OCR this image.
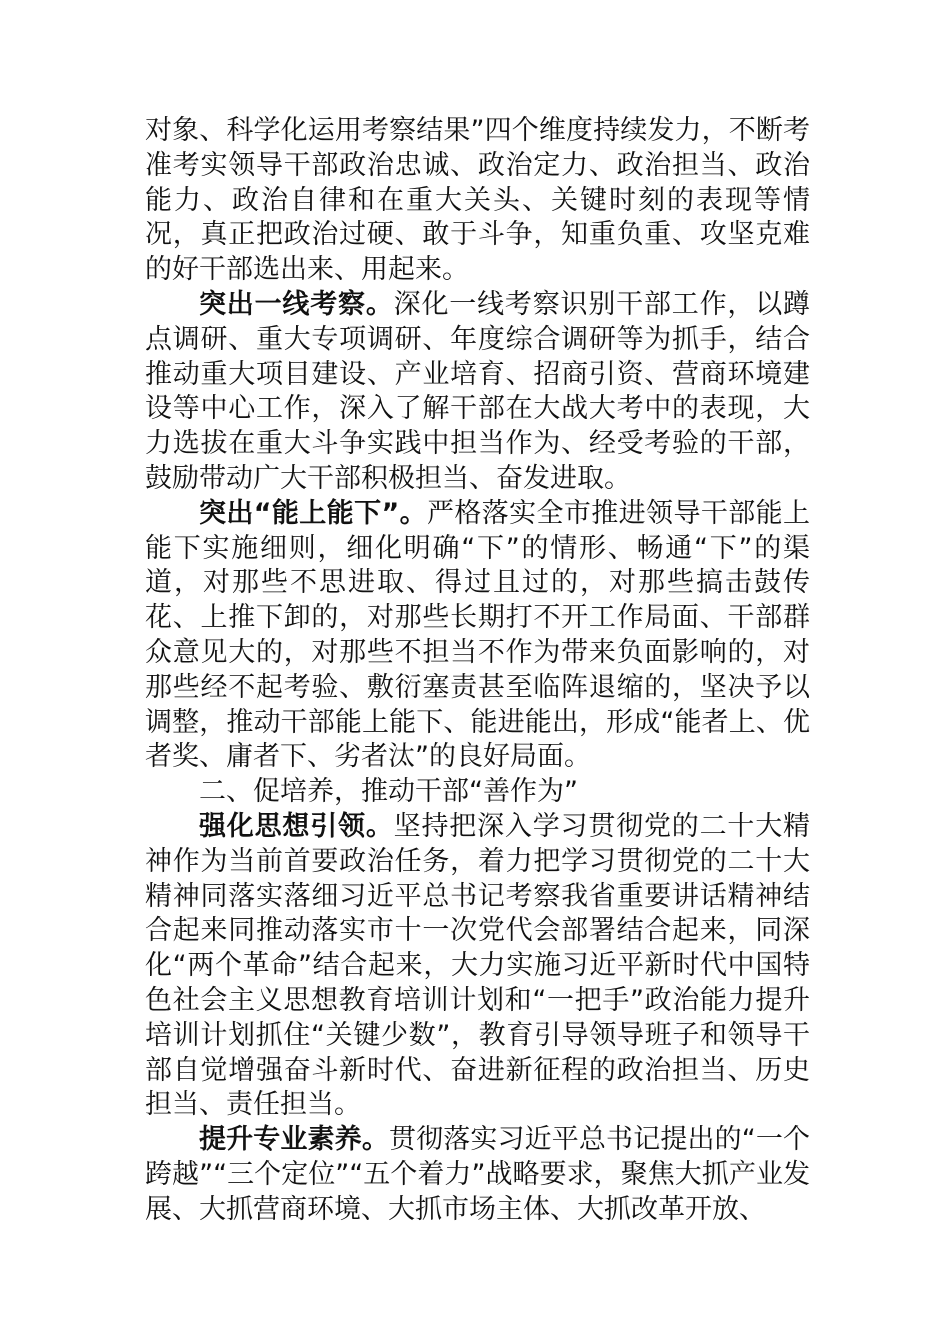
对象、科学化运用考察结果”四个维度持续发力，不断考准考实领导干部政治忠诚、政治定力、政治担当、政治能力、政治自律和在重大关头、关键时刻的表现等情况，真正把政治过硬、敢于斗争，知重负重、攻坚克难的好干部选出来、用起来。

突出一线考察。深化一线考察识别干部工作，以蹲点调研、重大专项调研、年度综合调研等为抓手，结合推动重大项目建设、产业培育、招商引资、营商环境建设等中心工作，深入了解干部在大战大考中的表现，大力选拔在重大斗争实践中担当作为、经受考验的干部，鼓励带动广大干部积极担当、奋发进取。

突出“能上能下”。严格落实全市推进领导干部能上能下实施细则，细化明确“下”的情形、畅通“下”的渠道，对那些不思进取、得过且过的，对那些搞击鼓传花、上推下卸的，对那些长期打不开工作局面、干部群众意见大的，对那些不担当不作为带来负面影响的，对那些经不起考验、敷衍塞责甚至临阵退缩的，坚决予以调整，推动干部能上能下、能进能出，形成“能者上、优者奖、庸者下、劣者汰”的良好局面。

二、促培养，推动干部“善作为”

强化思想引领。坚持把深入学习贯彻党的二十大精神作为当前首要政治任务，着力把学习贯彻党的二十大精神同落实落细习近平总书记考察我省重要讲话精神结合起来同推动落实市十一次党代会部署结合起来，同深化“两个革命”结合起来，大力实施习近平新时代中国特色社会主义思想教育培训计划和“一把手”政治能力提升培训计划抓住“关键少数”，教育引导领导班子和领导干部自觉增强奋斗新时代、奋进新征程的政治担当、历史担当、责任担当。

提升专业素养。贯彻落实习近平总书记提出的“一个跨越”“三个定位”“五个着力”战略要求，聚焦大抓产业发展、大抓营商环境、大抓市场主体、大抓改革开放、
